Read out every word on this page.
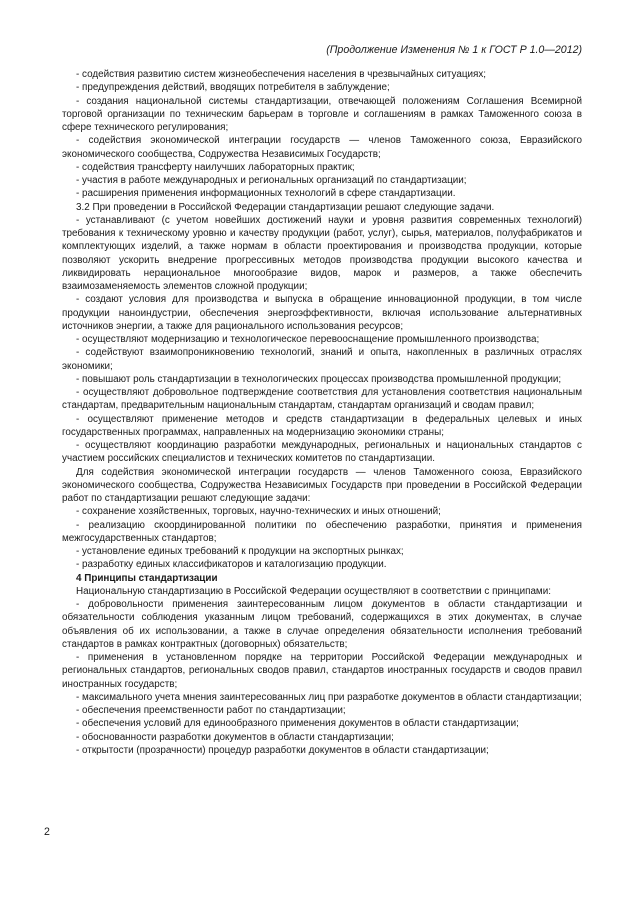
(Продолжение Изменения № 1 к ГОСТ Р 1.0—2012)

- содействия развитию систем жизнеобеспечения населения в чрезвычайных ситуациях;

- предупреждения действий, вводящих потребителя в заблуждение;

- создания национальной системы стандартизации, отвечающей положениям Соглашения Всемирной торговой организации по техническим барьерам в торговле и соглашениям в рамках Таможенного союза в сфере технического регулирования;

- содействия экономической интеграции государств — членов Таможенного союза, Евразийского экономического сообщества, Содружества Независимых Государств;

- содействия трансферту наилучших лабораторных практик;

- участия в работе международных и региональных организаций по стандартизации;

- расширения применения информационных технологий в сфере стандартизации.

3.2 При проведении в Российской Федерации стандартизации решают следующие задачи.

- устанавливают (с учетом новейших достижений науки и уровня развития современных технологий) требования к техническому уровню и качеству продукции (работ, услуг), сырья, материалов, полуфабрикатов и комплектующих изделий, а также нормам в области проектирования и производства продукции, которые позволяют ускорить внедрение прогрессивных методов производства продукции высокого качества и ликвидировать нерациональное многообразие видов, марок и размеров, а также обеспечить взаимозаменяемость элементов сложной продукции;

- создают условия для производства и выпуска в обращение инновационной продукции, в том числе продукции наноиндустрии, обеспечения энергоэффективности, включая использование альтернативных источников энергии, а также для рационального использования ресурсов;

- осуществляют модернизацию и технологическое перевооснащение промышленного производства;

- содействуют взаимопроникновению технологий, знаний и опыта, накопленных в различных отраслях экономики;

- повышают роль стандартизации в технологических процессах производства промышленной продукции;

- осуществляют добровольное подтверждение соответствия для установления соответствия национальным стандартам, предварительным национальным стандартам, стандартам организаций и сводам правил;

- осуществляют применение методов и средств стандартизации в федеральных целевых и иных государственных программах, направленных на модернизацию экономики страны;

- осуществляют координацию разработки международных, региональных и национальных стандартов с участием российских специалистов и технических комитетов по стандартизации.

Для содействия экономической интеграции государств — членов Таможенного союза, Евразийского экономического сообщества, Содружества Независимых Государств при проведении в Российской Федерации работ по стандартизации решают следующие задачи:

- сохранение хозяйственных, торговых, научно-технических и иных отношений;

- реализацию скоординированной политики по обеспечению разработки, принятия и применения межгосударственных стандартов;

- установление единых требований к продукции на экспортных рынках;

- разработку единых классификаторов и каталогизацию продукции.

4 Принципы стандартизации

Национальную стандартизацию в Российской Федерации осуществляют в соответствии с принципами:

- добровольности применения заинтересованным лицом документов в области стандартизации и обязательности соблюдения указанным лицом требований, содержащихся в этих документах, в случае объявления об их использовании, а также в случае определения обязательности исполнения требований стандартов в рамках контрактных (договорных) обязательств;

- применения в установленном порядке на территории Российской Федерации международных и региональных стандартов, региональных сводов правил, стандартов иностранных государств и сводов правил иностранных государств;

- максимального учета мнения заинтересованных лиц при разработке документов в области стандартизации;

- обеспечения преемственности работ по стандартизации;

- обеспечения условий для единообразного применения документов в области стандартизации;

- обоснованности разработки документов в области стандартизации;

- открытости (прозрачности) процедур разработки документов в области стандартизации;

2
